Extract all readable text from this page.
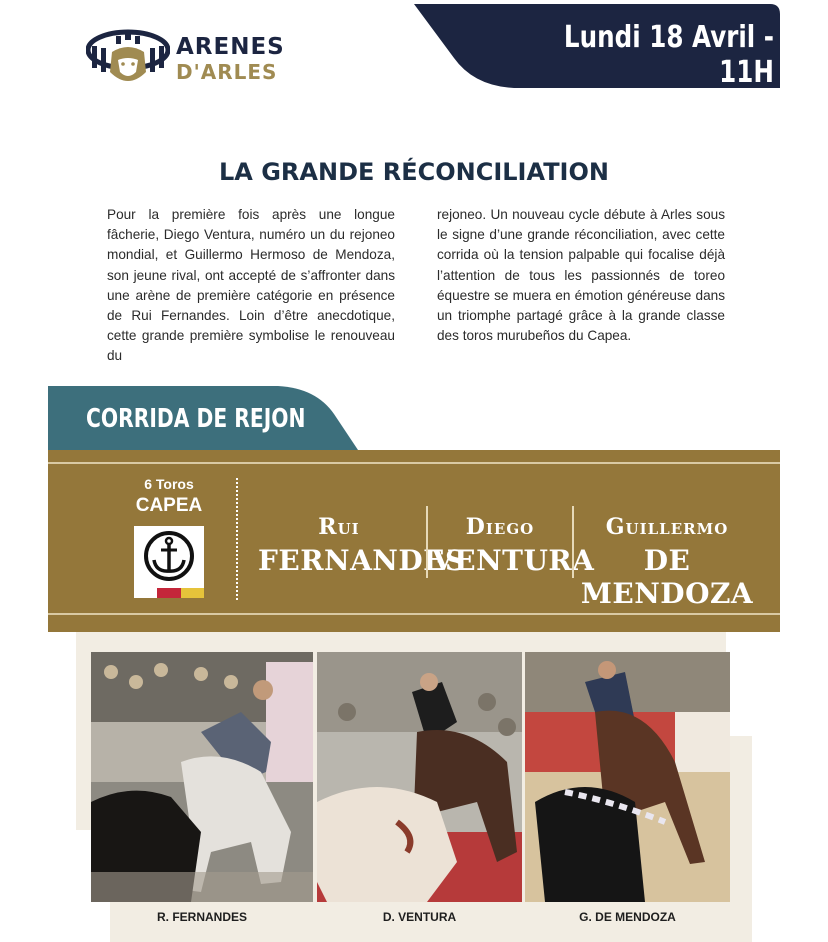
ARENES
D'ARLES
Lundi 18 Avril - 11H
LA GRANDE RÉCONCILIATION
Pour la première fois après une longue fâcherie, Diego Ventura, numéro un du rejoneo mondial, et Guillermo Hermoso de Mendoza, son jeune rival, ont accepté de s’affronter dans une arène de première catégorie en présence de Rui Fernandes. Loin d’être anecdotique, cette grande première symbolise le renouveau du
rejoneo. Un nouveau cycle débute à Arles sous le signe d’une grande réconciliation, avec cette corrida où la tension palpable qui focalise déjà l’attention de tous les passionnés de toreo équestre se muera en émotion généreuse dans un triomphe partagé grâce à la grande classe des toros murubeños du Capea.
CORRIDA DE REJON
6 Toros
CAPEA
Rui
FERNANDES
Diego
VENTURA
Guillermo
DE MENDOZA
R. FERNANDES	D. VENTURA	G. DE MENDOZA
